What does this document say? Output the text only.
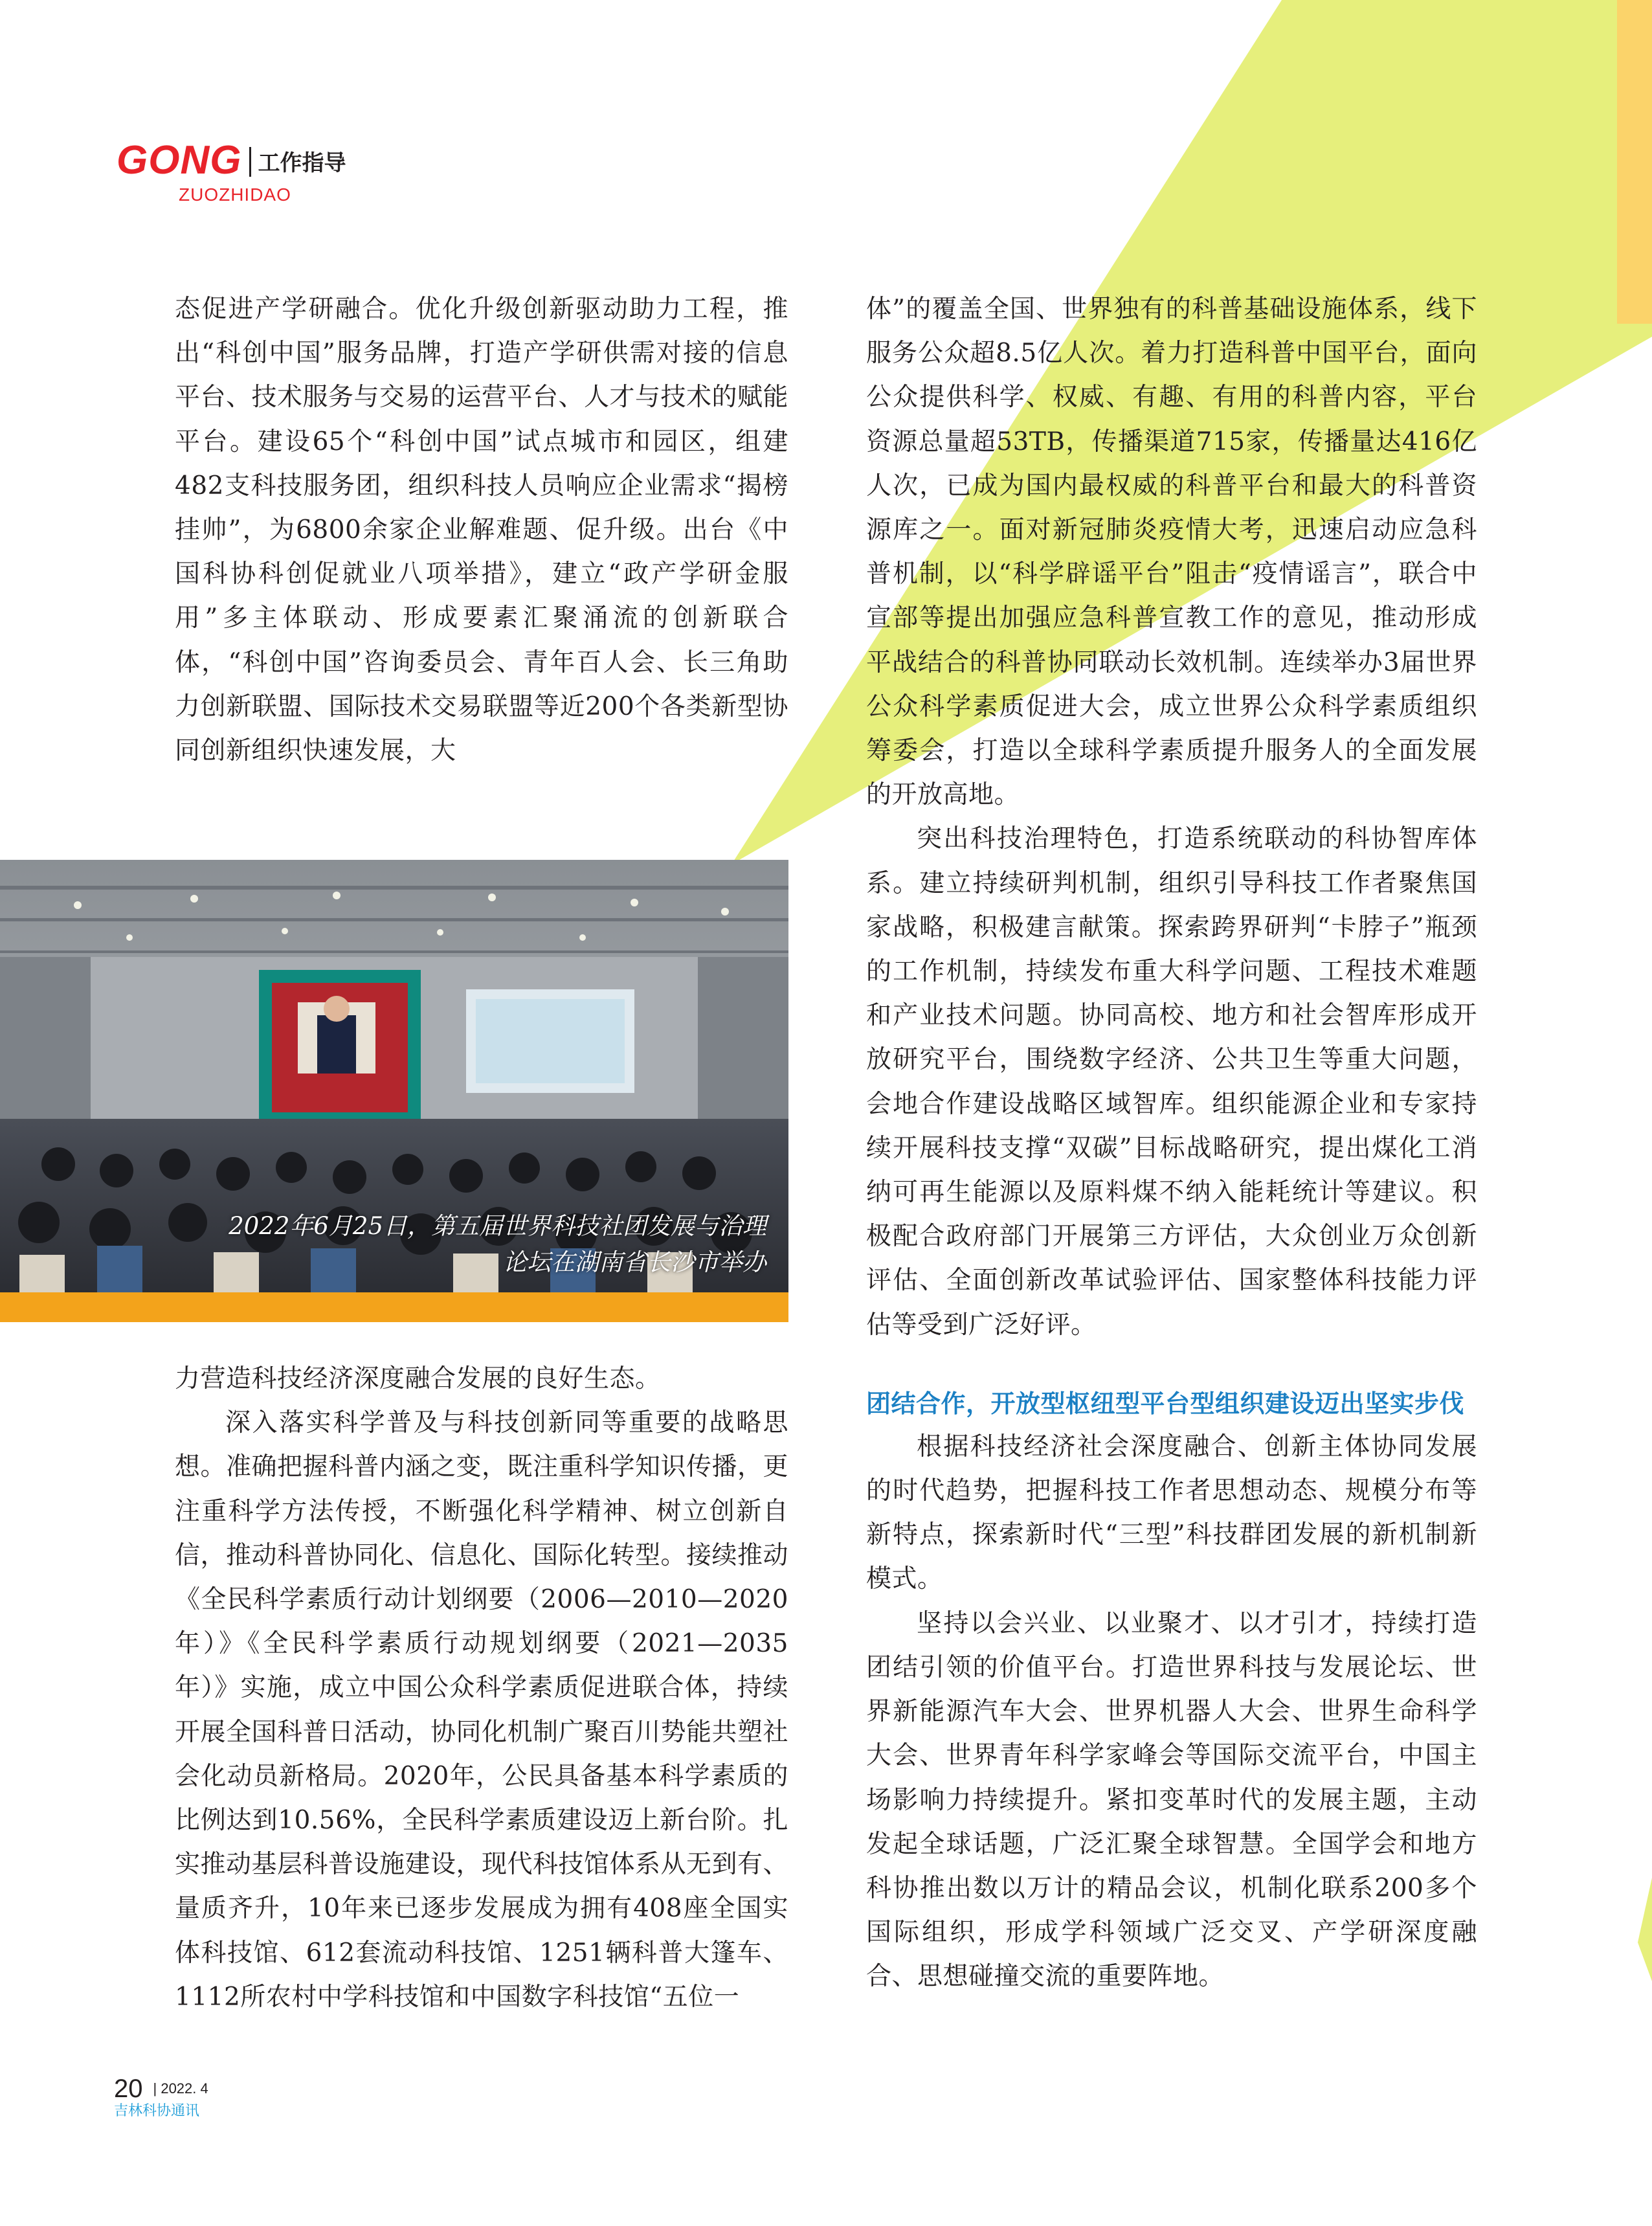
GONG 工作指导
ZUOZHIDAO

态促进产学研融合。优化升级创新驱动助力工程，推出“科创中国”服务品牌，打造产学研供需对接的信息平台、技术服务与交易的运营平台、人才与技术的赋能平台。建设65个“科创中国”试点城市和园区，组建482支科技服务团，组织科技人员响应企业需求“揭榜挂帅”，为6800余家企业解难题、促升级。出台《中国科协科创促就业八项举措》，建立“政产学研金服用”多主体联动、形成要素汇聚涌流的创新联合体，“科创中国”咨询委员会、青年百人会、长三角助力创新联盟、国际技术交易联盟等近200个各类新型协同创新组织快速发展，大

2022年6月25日，第五届世界科技社团发展与治理
论坛在湖南省长沙市举办

力营造科技经济深度融合发展的良好生态。

深入落实科学普及与科技创新同等重要的战略思想。准确把握科普内涵之变，既注重科学知识传播，更注重科学方法传授，不断强化科学精神、树立创新自信，推动科普协同化、信息化、国际化转型。接续推动《全民科学素质行动计划纲要（2006—2010—2020年）》《全民科学素质行动规划纲要（2021—2035年）》实施，成立中国公众科学素质促进联合体，持续开展全国科普日活动，协同化机制广聚百川势能共塑社会化动员新格局。2020年，公民具备基本科学素质的比例达到10.56%，全民科学素质建设迈上新台阶。扎实推动基层科普设施建设，现代科技馆体系从无到有、量质齐升，10年来已逐步发展成为拥有408座全国实体科技馆、612套流动科技馆、1251辆科普大篷车、1112所农村中学科技馆和中国数字科技馆“五位一

体”的覆盖全国、世界独有的科普基础设施体系，线下服务公众超8.5亿人次。着力打造科普中国平台，面向公众提供科学、权威、有趣、有用的科普内容，平台资源总量超53TB，传播渠道715家，传播量达416亿人次，已成为国内最权威的科普平台和最大的科普资源库之一。面对新冠肺炎疫情大考，迅速启动应急科普机制，以“科学辟谣平台”阻击“疫情谣言”，联合中宣部等提出加强应急科普宣教工作的意见，推动形成平战结合的科普协同联动长效机制。连续举办3届世界公众科学素质促进大会，成立世界公众科学素质组织筹委会，打造以全球科学素质提升服务人的全面发展的开放高地。

突出科技治理特色，打造系统联动的科协智库体系。建立持续研判机制，组织引导科技工作者聚焦国家战略，积极建言献策。探索跨界研判“卡脖子”瓶颈的工作机制，持续发布重大科学问题、工程技术难题和产业技术问题。协同高校、地方和社会智库形成开放研究平台，围绕数字经济、公共卫生等重大问题，会地合作建设战略区域智库。组织能源企业和专家持续开展科技支撑“双碳”目标战略研究，提出煤化工消纳可再生能源以及原料煤不纳入能耗统计等建议。积极配合政府部门开展第三方评估，大众创业万众创新评估、全面创新改革试验评估、国家整体科技能力评估等受到广泛好评。

团结合作，开放型枢纽型平台型组织建设迈出坚实步伐

根据科技经济社会深度融合、创新主体协同发展的时代趋势，把握科技工作者思想动态、规模分布等新特点，探索新时代“三型”科技群团发展的新机制新模式。

坚持以会兴业、以业聚才、以才引才，持续打造团结引领的价值平台。打造世界科技与发展论坛、世界新能源汽车大会、世界机器人大会、世界生命科学大会、世界青年科学家峰会等国际交流平台，中国主场影响力持续提升。紧扣变革时代的发展主题，主动发起全球话题，广泛汇聚全球智慧。全国学会和地方科协推出数以万计的精品会议，机制化联系200多个国际组织，形成学科领域广泛交叉、产学研深度融合、思想碰撞交流的重要阵地。

20 | 2022. 4
吉林科协通讯
